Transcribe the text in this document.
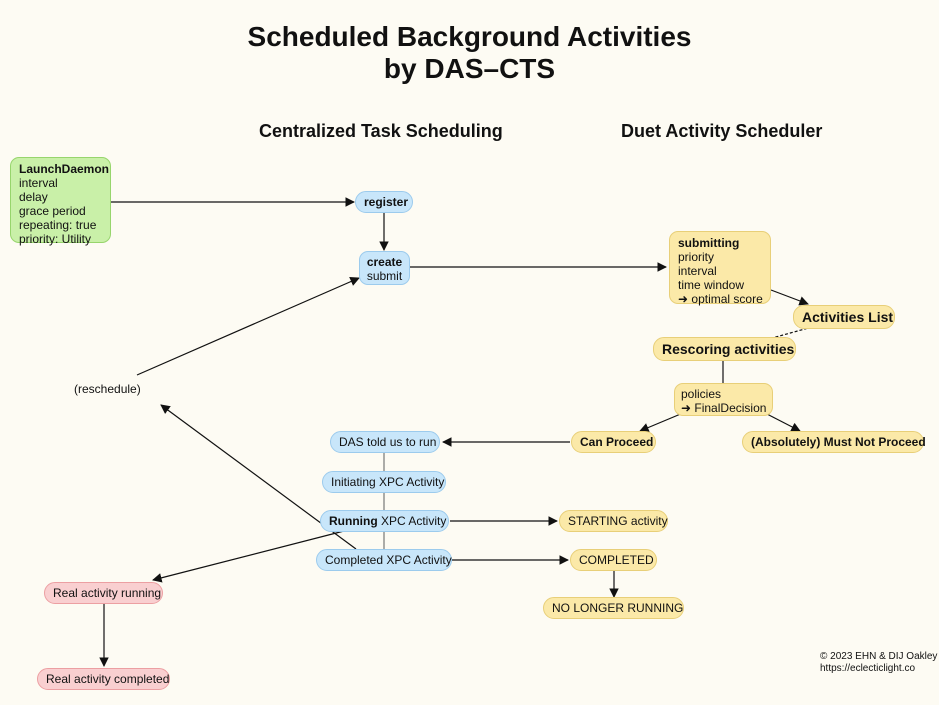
Scheduled Background Activities
by DAS–CTS
Centralized Task Scheduling	Duet Activity Scheduler
LaunchDaemon
interval
delay
grace period
repeating: true
priority: Utility
register
create
submit
submitting
priority
interval
time window
➜ optimal score
Activities List
Rescoring activities
policies
➜ FinalDecision
Can Proceed	(Absolutely) Must Not Proceed
(reschedule)
DAS told us to run
Initiating XPC Activity
Running XPC Activity
Completed XPC Activity
STARTING activity
COMPLETED
NO LONGER RUNNING
Real activity running
Real activity completed
© 2023 EHN & DIJ Oakley
https://eclecticlight.co
